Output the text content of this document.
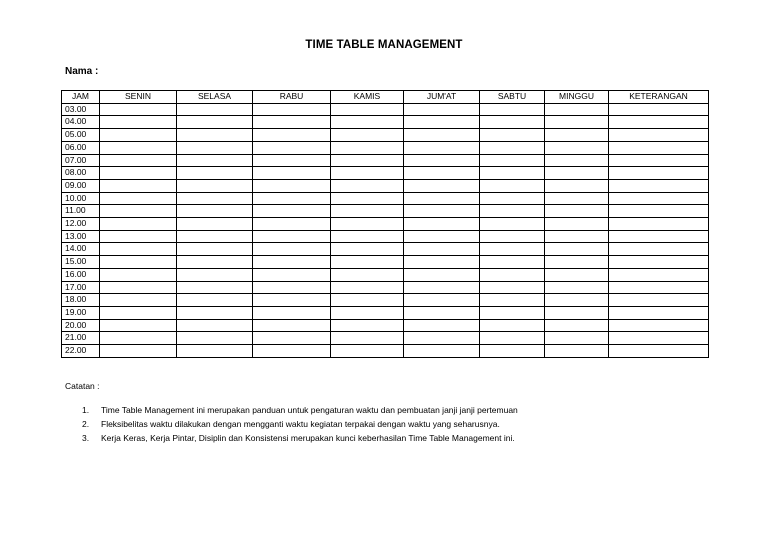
TIME TABLE MANAGEMENT
Nama :
JAM	SENIN	SELASA	RABU	KAMIS	JUM'AT	SABTU	MINGGU	KETERANGAN
03.00								
04.00								
05.00								
06.00								
07.00								
08.00								
09.00								
10.00								
11.00								
12.00								
13.00								
14.00								
15.00								
16.00								
17.00								
18.00								
19.00								
20.00								
21.00								
22.00								
Catatan :
1. Time Table Management ini merupakan panduan untuk pengaturan waktu dan pembuatan janji janji pertemuan
2. Fleksibelitas waktu dilakukan dengan mengganti waktu kegiatan terpakai dengan waktu yang seharusnya.
3. Kerja Keras, Kerja Pintar, Disiplin dan Konsistensi merupakan kunci keberhasilan Time Table Management ini.
